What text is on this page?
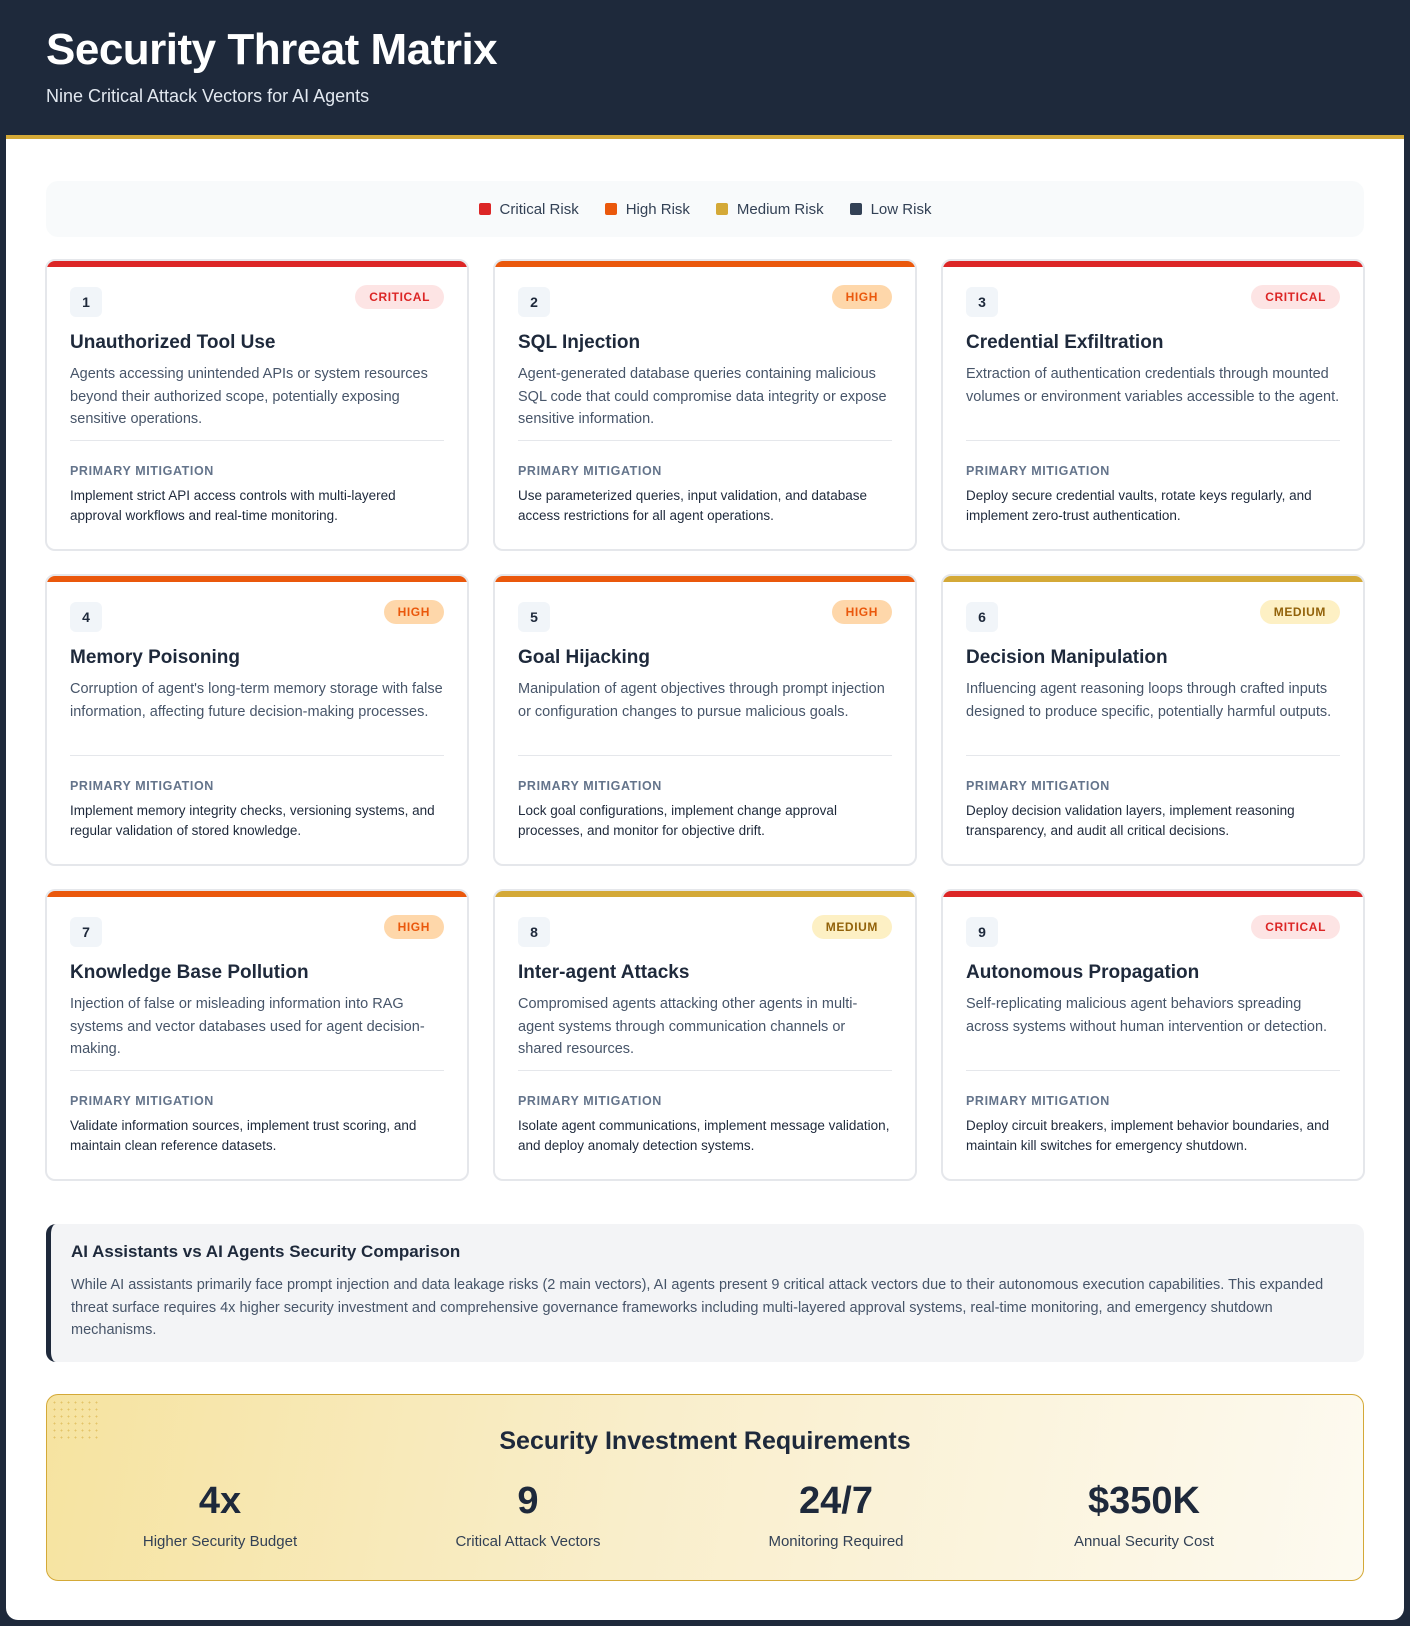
Security Threat Matrix
Nine Critical Attack Vectors for AI Agents
Critical Risk	High Risk	Medium Risk	Low Risk
1	CRITICAL
Unauthorized Tool Use
Agents accessing unintended APIs or system resources beyond their authorized scope, potentially exposing sensitive operations.
PRIMARY MITIGATION
Implement strict API access controls with multi-layered approval workflows and real-time monitoring.
2	HIGH
SQL Injection
Agent-generated database queries containing malicious SQL code that could compromise data integrity or expose sensitive information.
PRIMARY MITIGATION
Use parameterized queries, input validation, and database access restrictions for all agent operations.
3	CRITICAL
Credential Exfiltration
Extraction of authentication credentials through mounted volumes or environment variables accessible to the agent.
PRIMARY MITIGATION
Deploy secure credential vaults, rotate keys regularly, and implement zero-trust authentication.
4	HIGH
Memory Poisoning
Corruption of agent's long-term memory storage with false information, affecting future decision-making processes.
PRIMARY MITIGATION
Implement memory integrity checks, versioning systems, and regular validation of stored knowledge.
5	HIGH
Goal Hijacking
Manipulation of agent objectives through prompt injection or configuration changes to pursue malicious goals.
PRIMARY MITIGATION
Lock goal configurations, implement change approval processes, and monitor for objective drift.
6	MEDIUM
Decision Manipulation
Influencing agent reasoning loops through crafted inputs designed to produce specific, potentially harmful outputs.
PRIMARY MITIGATION
Deploy decision validation layers, implement reasoning transparency, and audit all critical decisions.
7	HIGH
Knowledge Base Pollution
Injection of false or misleading information into RAG systems and vector databases used for agent decision-making.
PRIMARY MITIGATION
Validate information sources, implement trust scoring, and maintain clean reference datasets.
8	MEDIUM
Inter-agent Attacks
Compromised agents attacking other agents in multi-agent systems through communication channels or shared resources.
PRIMARY MITIGATION
Isolate agent communications, implement message validation, and deploy anomaly detection systems.
9	CRITICAL
Autonomous Propagation
Self-replicating malicious agent behaviors spreading across systems without human intervention or detection.
PRIMARY MITIGATION
Deploy circuit breakers, implement behavior boundaries, and maintain kill switches for emergency shutdown.
AI Assistants vs AI Agents Security Comparison

While AI assistants primarily face prompt injection and data leakage risks (2 main vectors), AI agents present 9 critical attack vectors due to their autonomous execution capabilities. This expanded threat surface requires 4x higher security investment and comprehensive governance frameworks including multi-layered approval systems, real-time monitoring, and emergency shutdown mechanisms.

Security Investment Requirements
4x
Higher Security Budget
9
Critical Attack Vectors
24/7
Monitoring Required
$350K
Annual Security Cost
